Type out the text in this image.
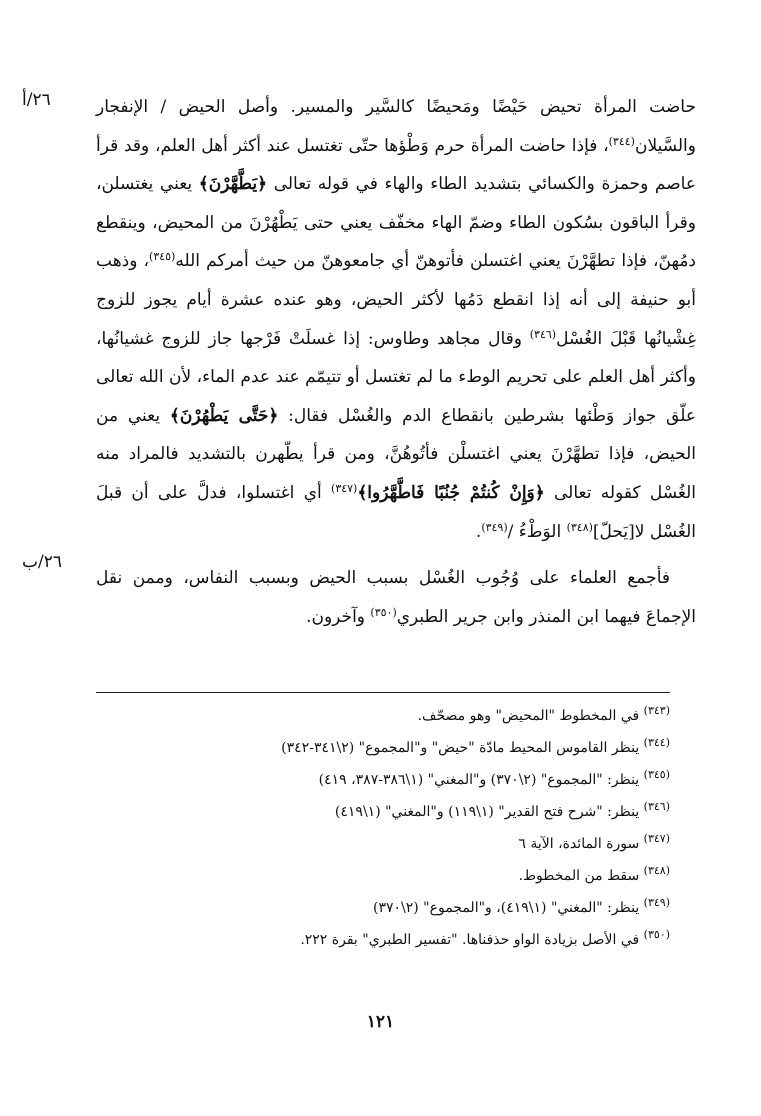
٢٦/أ
٢٦/ب

حاضت المرأة تحيض حَيْضًا ومَحيضًا كالسَّير والمسير. وأصل الحيض / الإنفجار والسَّيلان$^{(٣٤٤)}$، فإذا حاضت المرأة حرم وَطْؤها حتّى تغتسل عند أكثر أهل العلم، وقد قرأ عاصم وحمزة والكسائي بتشديد الطاء والهاء في قوله تعالى ﴿يَطَّهَّرْنَ﴾ يعني يغتسلن، وقرأ الباقون بسُكون الطاء وضمّ الهاء مخفّف يعني حتى يَطْهُرْنَ من المحيض، وينقطع دمُهنّ، فإذا تطهَّرْنَ يعني اغتسلن فأتوهنّ أي جامعوهنّ من حيث أمركم الله$^{(٣٤٥)}$، وذهب أبو حنيفة إلى أنه إذا انقطع دَمُها لأكثر الحيض، وهو عنده عشرة أيام يجوز للزوج غِشْيانُها قَبْلَ الغُسْل$^{(٣٤٦)}$ وقال مجاهد وطاوس: إذا غسلَتْ فَرْجها جاز للزوج غشيانُها، وأكثر أهل العلم على تحريم الوطء ما لم تغتسل أو تتيمّم عند عدم الماء، لأن الله تعالى علّق جواز وَطْئها بشرطين بانقطاع الدم والغُسْل فقال: ﴿حَتَّى يَطْهُرْنَ﴾ يعني من الحيض، فإذا تطهَّرْنَ يعني اغتسلْن فأتُوهُنَّ، ومن قرأ يطّهرن بالتشديد فالمراد منه الغُسْل كقوله تعالى ﴿وَإِنْ كُنتُمْ جُنُبًا فَاطَّهَّرُوا﴾$^{(٣٤٧)}$ أي اغتسلوا، فدلَّ على أن قبلَ الغُسْل لا[يَحلّ]$^{(٣٤٨)}$ الوَطْءُ /$^{(٣٤٩)}$.

فأجمع العلماء على وُجُوب الغُسْل بسبب الحيض وبسبب النفاس، وممن نقل الإجماعَ فيهما ابن المنذر وابن جرير الطبري$^{(٣٥٠)}$ وآخرون.

$^{(٣٤٣)}$ في المخطوط "المحيض" وهو مصحّف.
$^{(٣٤٤)}$ ينظر القاموس المحيط مادّة "حيض" و"المجموع" (٢\٣٤١-٣٤٢)
$^{(٣٤٥)}$ ينظر: "المجموع" (٢\٣٧٠) و"المغني" (١\٣٨٦-٣٨٧، ٤١٩)
$^{(٣٤٦)}$ ينظر: "شرح فتح القدير" (١\١١٩) و"المغني" (١\٤١٩)
$^{(٣٤٧)}$ سورة المائدة، الآية ٦
$^{(٣٤٨)}$ سقط من المخطوط.
$^{(٣٤٩)}$ ينظر: "المغني" (١\٤١٩)، و"المجموع" (٢\٣٧٠)
$^{(٣٥٠)}$ في الأصل بزيادة الواو حذفناها. "تفسير الطبري" بقرة ٢٢٢.
١٢١
